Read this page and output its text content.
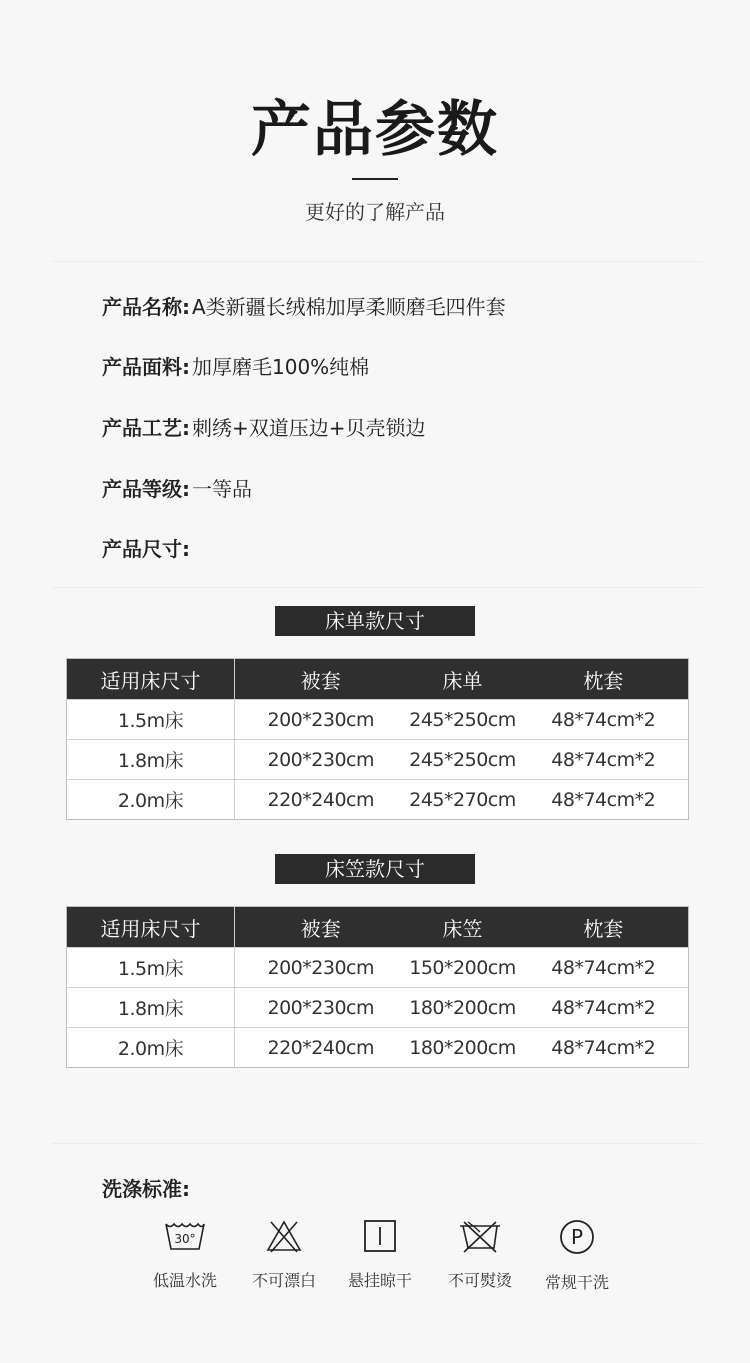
产品参数
更好的了解产品
产品名称: A类新疆长绒棉加厚柔顺磨毛四件套
产品面料: 加厚磨毛100%纯棉
产品工艺: 刺绣+双道压边+贝壳锁边
产品等级: 一等品
产品尺寸:
床单款尺寸
适用床尺寸	被套	床单	枕套
1.5m床	200*230cm	245*250cm	48*74cm*2
1.8m床	200*230cm	245*250cm	48*74cm*2
2.0m床	220*240cm	245*270cm	48*74cm*2
床笠款尺寸
适用床尺寸	被套	床笠	枕套
1.5m床	200*230cm	150*200cm	48*74cm*2
1.8m床	200*230cm	180*200cm	48*74cm*2
2.0m床	220*240cm	180*200cm	48*74cm*2
洗涤标准:
30°
低温水洗	不可漂白	悬挂晾干	不可熨烫
P
常规干洗
